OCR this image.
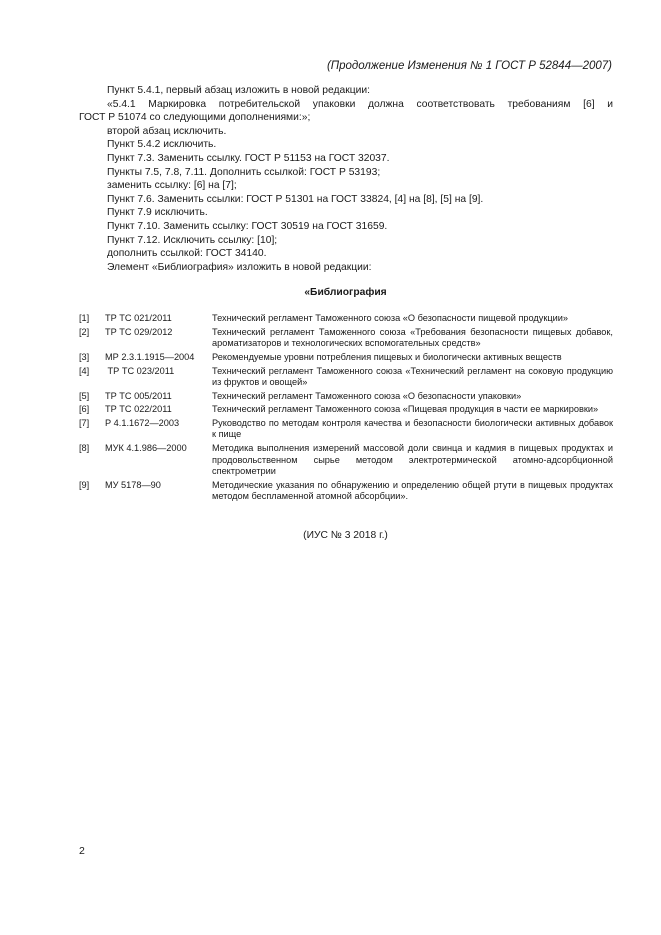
(Продолжение Изменения № 1 ГОСТ Р 52844—2007)

Пункт 5.4.1, первый абзац изложить в новой редакции:

«5.4.1 Маркировка потребительской упаковки должна соответствовать требованиям [6] и

ГОСТ Р 51074 со следующими дополнениями:»;

второй абзац исключить.

Пункт 5.4.2 исключить.

Пункт 7.3. Заменить ссылку. ГОСТ Р 51153 на ГОСТ 32037.

Пункты 7.5, 7.8, 7.11. Дополнить ссылкой: ГОСТ Р 53193;

заменить ссылку: [6] на [7];

Пункт 7.6. Заменить ссылки: ГОСТ Р 51301 на ГОСТ 33824, [4] на [8], [5] на [9].

Пункт 7.9 исключить.

Пункт 7.10. Заменить ссылку: ГОСТ 30519 на ГОСТ 31659.

Пункт 7.12. Исключить ссылку: [10];

дополнить ссылкой: ГОСТ 34140.

Элемент «Библиография» изложить в новой редакции:

«Библиография
[1]	ТР ТС 021/2011	Технический регламент Таможенного союза «О безопасности пищевой продукции»
[2]	ТР ТС 029/2012	Технический регламент Таможенного союза «Требования безопасности пищевых добавок, ароматизаторов и технологических вспомогательных средств»
[3]	МР 2.3.1.1915—2004	Рекомендуемые уровни потребления пищевых и биологически активных веществ
[4]	ТР ТС 023/2011	Технический регламент Таможенного союза «Технический регламент на соковую продукцию из фруктов и овощей»
[5]	ТР ТС 005/2011	Технический регламент Таможенного союза «О безопасности упаковки»
[6]	ТР ТС 022/2011	Технический регламент Таможенного союза «Пищевая продукция в части ее маркировки»
[7]	Р 4.1.1672—2003	Руководство по методам контроля качества и безопасности биологически активных добавок к пище
[8]	МУК 4.1.986—2000	Методика выполнения измерений массовой доли свинца и кадмия в пищевых продуктах и продовольственном сырье методом электротермической атомно-адсорбционной спектрометрии
[9]	МУ 5178—90	Методические указания по обнаружению и определению общей ртути в пищевых продуктах методом беспламенной атомной абсорбции».
(ИУС № 3 2018 г.)
2
